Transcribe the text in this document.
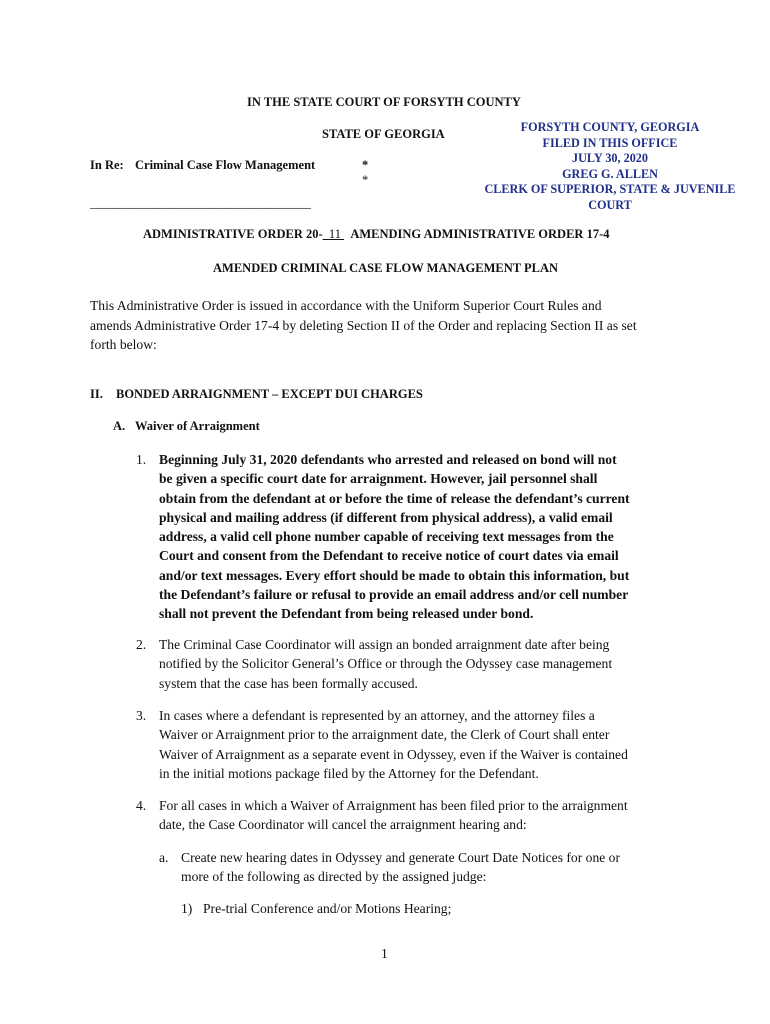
IN THE STATE COURT OF FORSYTH COUNTY
STATE OF GEORGIA
In Re: Criminal Case Flow Management	*
*
_______________________________________
FORSYTH COUNTY, GEORGIA
FILED IN THIS OFFICE
JULY 30, 2020
GREG G. ALLEN
CLERK OF SUPERIOR, STATE & JUVENILE COURT
ADMINISTRATIVE ORDER 20- 11 AMENDING ADMINISTRATIVE ORDER 17-4
AMENDED CRIMINAL CASE FLOW MANAGEMENT PLAN
This Administrative Order is issued in accordance with the Uniform Superior Court Rules and
amends Administrative Order 17-4 by deleting Section II of the Order and replacing Section II as set
forth below:
II. BONDED ARRAIGNMENT – EXCEPT DUI CHARGES
A. Waiver of Arraignment
1. Beginning July 31, 2020 defendants who arrested and released on bond will not
be given a specific court date for arraignment. However, jail personnel shall
obtain from the defendant at or before the time of release the defendant’s current
physical and mailing address (if different from physical address), a valid email
address, a valid cell phone number capable of receiving text messages from the
Court and consent from the Defendant to receive notice of court dates via email
and/or text messages. Every effort should be made to obtain this information, but
the Defendant’s failure or refusal to provide an email address and/or cell number
shall not prevent the Defendant from being released under bond.
2. The Criminal Case Coordinator will assign an bonded arraignment date after being
notified by the Solicitor General’s Office or through the Odyssey case management
system that the case has been formally accused.
3. In cases where a defendant is represented by an attorney, and the attorney files a
Waiver or Arraignment prior to the arraignment date, the Clerk of Court shall enter
Waiver of Arraignment as a separate event in Odyssey, even if the Waiver is contained
in the initial motions package filed by the Attorney for the Defendant.
4. For all cases in which a Waiver of Arraignment has been filed prior to the arraignment
date, the Case Coordinator will cancel the arraignment hearing and:
a. Create new hearing dates in Odyssey and generate Court Date Notices for one or
more of the following as directed by the assigned judge:
1) Pre-trial Conference and/or Motions Hearing;
1
